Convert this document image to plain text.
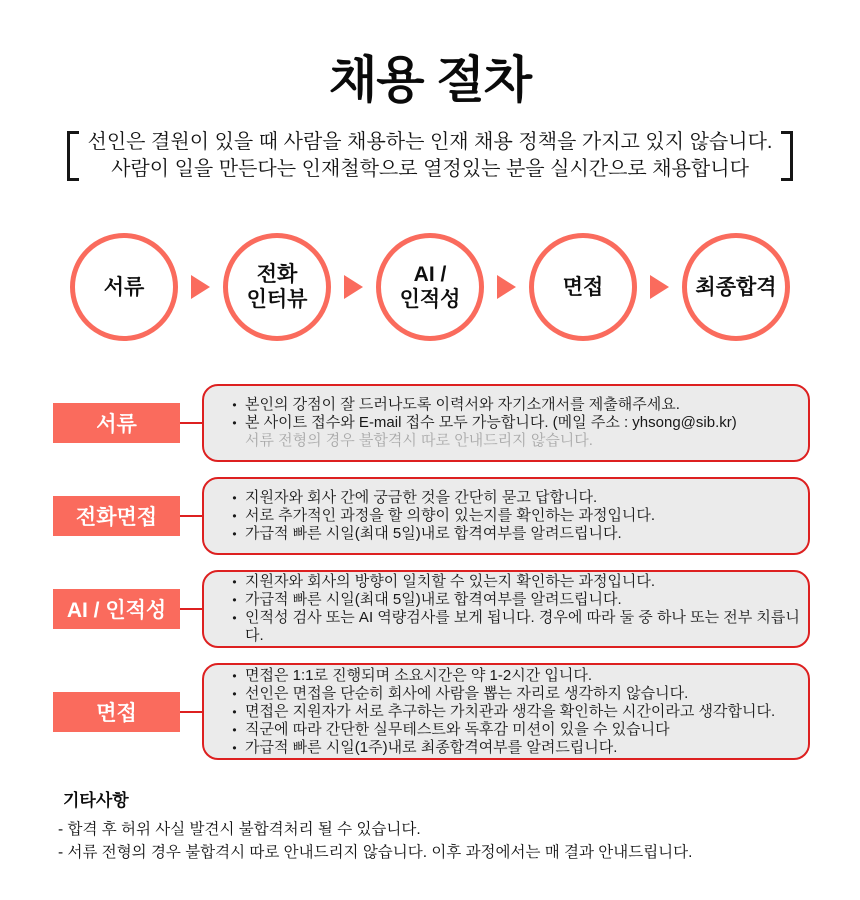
채용 절차
선인은 결원이 있을 때 사람을 채용하는 인재 채용 정책을 가지고 있지 않습니다.
사람이 일을 만든다는 인재철학으로 열정있는 분을 실시간으로 채용합니다
서류
전화
인터뷰
AI /
인적성
면접	최종합격
서류
• 본인의 강점이 잘 드러나도록 이력서와 자기소개서를 제출해주세요.
• 본 사이트 접수와 E-mail 접수 모두 가능합니다. (메일 주소 : yhsong@sib.kr)
서류 전형의 경우 불합격시 따로 안내드리지 않습니다.
전화면접
• 지원자와 회사 간에 궁금한 것을 간단히 묻고 답합니다.
• 서로 추가적인 과정을 할 의향이 있는지를 확인하는 과정입니다.
• 가급적 빠른 시일(최대 5일)내로 합격여부를 알려드립니다.
AI / 인적성
• 지원자와 회사의 방향이 일치할 수 있는지 확인하는 과정입니다.
• 가급적 빠른 시일(최대 5일)내로 합격여부를 알려드립니다.
• 인적성 검사 또는 AI 역량검사를 보게 됩니다. 경우에 따라 둘 중 하나 또는 전부 치릅니다.
면접
• 면접은 1:1로 진행되며 소요시간은 약 1-2시간 입니다.
• 선인은 면접을 단순히 회사에 사람을 뽑는 자리로 생각하지 않습니다.
• 면접은 지원자가 서로 추구하는 가치관과 생각을 확인하는 시간이라고 생각합니다.
• 직군에 따라 간단한 실무테스트와 독후감 미션이 있을 수 있습니다
• 가급적 빠른 시일(1주)내로 최종합격여부를 알려드립니다.
기타사항
- 합격 후 허위 사실 발견시 불합격처리 될 수 있습니다.
- 서류 전형의 경우 불합격시 따로 안내드리지 않습니다. 이후 과정에서는 매 결과 안내드립니다.
